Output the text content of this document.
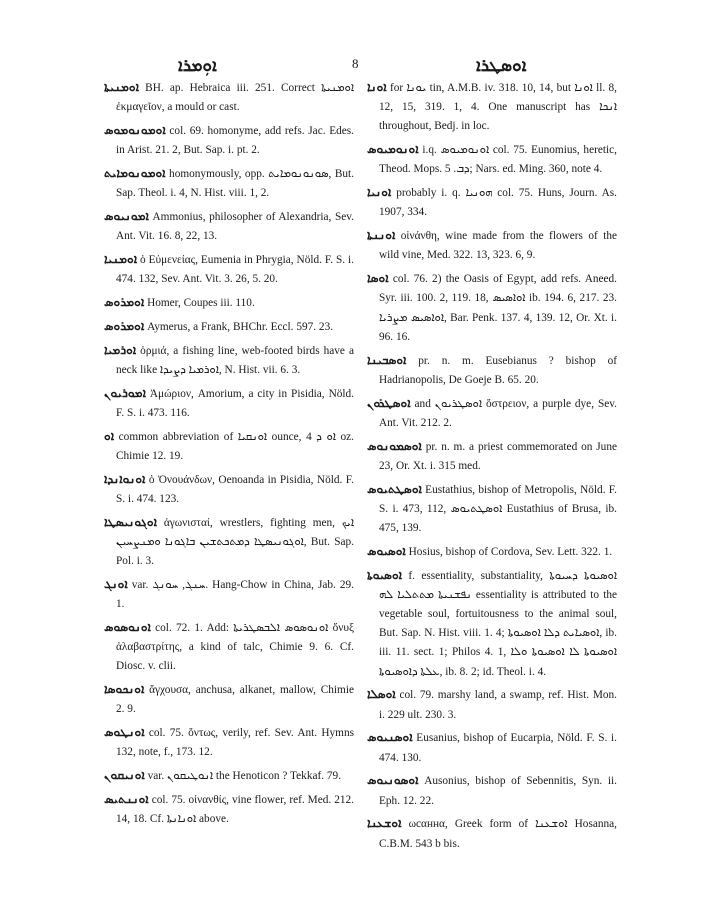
ܐܘܼܡܪܐ	8	ܐܘܣܛܪܐ

ܐܘܡܢܝܬܐ BH. ap. Hebraica iii. 251. Correct ܐܘܡܢܝܬܐ ἐκμαγεῖον, a mould or cast.

ܐܘܡܘܢܘܡܘܣ col. 69. homonyme, add refs. Jac. Edes. in Arist. 21. 2, But. Sap. i. pt. 2.

ܐܘܡܘܢܘܡܐܝܬ homonymously, opp. ܣܘܢܘܢܘܡܐܝܬ, But. Sap. Theol. i. 4, N. Hist. viii. 1, 2.

ܐܡܘܢܝܘܣ Ammonius, philosopher of Alexandria, Sev. Ant. Vit. 16. 8, 22, 13.

ܐܘܡܢܝܐ ὁ Εὐμενείας, Eumenia in Phrygia, Nöld. F. S. i. 474. 132, Sev. Ant. Vit. 3. 26, 5. 20.

ܐܘܡܪܘܣ Homer, Coupes iii. 110.

ܐܘܡܪܘܣ Aymerus, a Frank, BHChr. Eccl. 597. 23.

ܐܘܪܡܝܐ ὁρμιά, a fishing line, web-footed birds have a neck like ܐܘܪܡܝܐ ܕܨܝܕܐ, N. Hist. vii. 6. 3.

ܐܡܘܪܝܘܢ Ἀμώριον, Amorium, a city in Pisidia, Nöld. F. S. i. 473. 116.

ܐܘ common abbreviation of ܐܘܢܩܝܐ ounce, ܐܘ ܕ 4 oz. Chimie 12. 19.

ܐܘܢܘܐܢܕܐ ὁ Ὀνουάνδων, Oenoanda in Pisidia, Nöld. F. S. i. 474. 123.

ܐܘܓܘܢܝܣܛܐ ἀγωνισταί, wrestlers, fighting men, ܐܝܟ ܐܘܓܘܢܝܣܛܐ ܕܡܬܟܬܫܝܢ ܒܐܓܘܢܐ ܘܡܢܨܚܝܢ, But. Sap. Pol. i. 3.

ܐܘܢܓ var. ܚܢܓ, ܚܘܢܓ. Hang-Chow in China, Jab. 29. 1.

ܐܘܢܘܣܘܣ col. 72. 1. Add: ܐܘܢܘܣܘܣ ܐܠܒܣܛܪܝܬܐ ὄνυξ ἀλαβαστρίτης, a kind of talc, Chimie 9. 6. Cf. Diosc. v. clii.

ܐܘܢܟܘܣܐ ἄγχουσα, anchusa, alkanet, mallow, Chimie 2. 9.

ܐܘܢܛܘܣ col. 75. ὄντως, verily, ref. Sev. Ant. Hymns 132, note, f., 173. 12.

ܐܘܢܝܩܘܢ var. ܐܢܘܛܝܩܘܢ the Henoticon ? Tekkaf. 79.

ܐܘܢܢܬܝܣ col. 75. οἰνανθίς, vine flower, ref. Med. 212. 14, 18. Cf. ܐܘܢܐܢܬܐ above.

ܐܘܢܐ for ܝܘܢܐ tin, A.M.B. iv. 318. 10, 14, but ܐܘܢܐ ll. 8, 12, 15, 319. 1, 4. One manuscript has ܐܢܟܐ throughout, Bedj. in loc.

ܐܘܢܘܡܝܘܣ i.q. ܐܘܢܘܡܝܘܣ col. 75. Eunomius, heretic, Theod. Mops. ܕܒ. 5; Nars. ed. Ming. 360, note 4.

ܐܘܢܝܐ probably i. q. ܗܘܢܝܐ col. 75. Huns, Journ. As. 1907, 334.

ܐܘܢܢܬܐ οἰνάνθη, wine made from the flowers of the wild vine, Med. 322. 13, 323. 6, 9.

ܐܘܣܐ col. 76. 2) the Oasis of Egypt, add refs. Aneed. Syr. iii. 100. 2, 119. 18, ܐܘܐܣܝܣ ib. 194. 6, 217. 23. ܐܘܐܣܝܣ ܡܨܪܝܐ, Bar. Penk. 137. 4, 139. 12, Or. Xt. i. 96. 16.

ܐܘܣܒܝܢܐ pr. n. m. Eusebianus ? bishop of Hadrianopolis, De Goeje B. 65. 20.

ܐܘܣܛܪܘܢ and ܐܘܣܛܪܝܘܢ ὄστρειον, a purple dye, Sev. Ant. Vit. 212. 2.

ܐܘܣܡܘܢܘܣ pr. n. m. a priest commemorated on June 23, Or. Xt. i. 315 med.

ܐܘܣܛܬܝܘܣ Eustathius, bishop of Metropolis, Nöld. F. S. i. 473, 112, ܐܘܣܛܬܝܘܣ Eustathius of Brusa, ib. 475, 139.

ܐܘܣܝܘܣ Hosius, bishop of Cordova, Sev. Lett. 322. 1.

ܐܘܣܝܘܬܐ f. essentiality, substantiality, ܐܘܣܝܘܬܐ ܕܚܝܘܬܐ ܢܦܫܢܝܬܐ ܡܬܬܠܝܐ ܠܗ essentiality is attributed to the vegetable soul, fortuitousness to the animal soul, But. Sap. N. Hist. viii. 1. 4; ܐܘܣܝܐܝܬ ܕܠܐ ܐܘܣܝܘܬܐ, ib. iii. 11. sect. 1; Philos 4. 1, ܐܘܣܝܘܬܐ ܠܐ ܐܘܣܝܘܬܐ ܘܠܐ ܥܠܬܐ ܕܐܘܣܝܘܬܐ, ib. 8. 2; id. Theol. i. 4.

ܐܘܣܠܐ col. 79. marshy land, a swamp, ref. Hist. Mon. i. 229 ult. 230. 3.

ܐܘܣܢܝܘܣ Eusanius, bishop of Eucarpia, Nöld. F. S. i. 474. 130.

ܐܘܣܘܢܝܘܣ Ausonius, bishop of Sebennitis, Syn. ii. Eph. 12. 22.

ܐܘܫܥܢܐ ωcαннα, Greek form of ܐܘܫܥܢܐ Hosanna, C.B.M. 543 b bis.
